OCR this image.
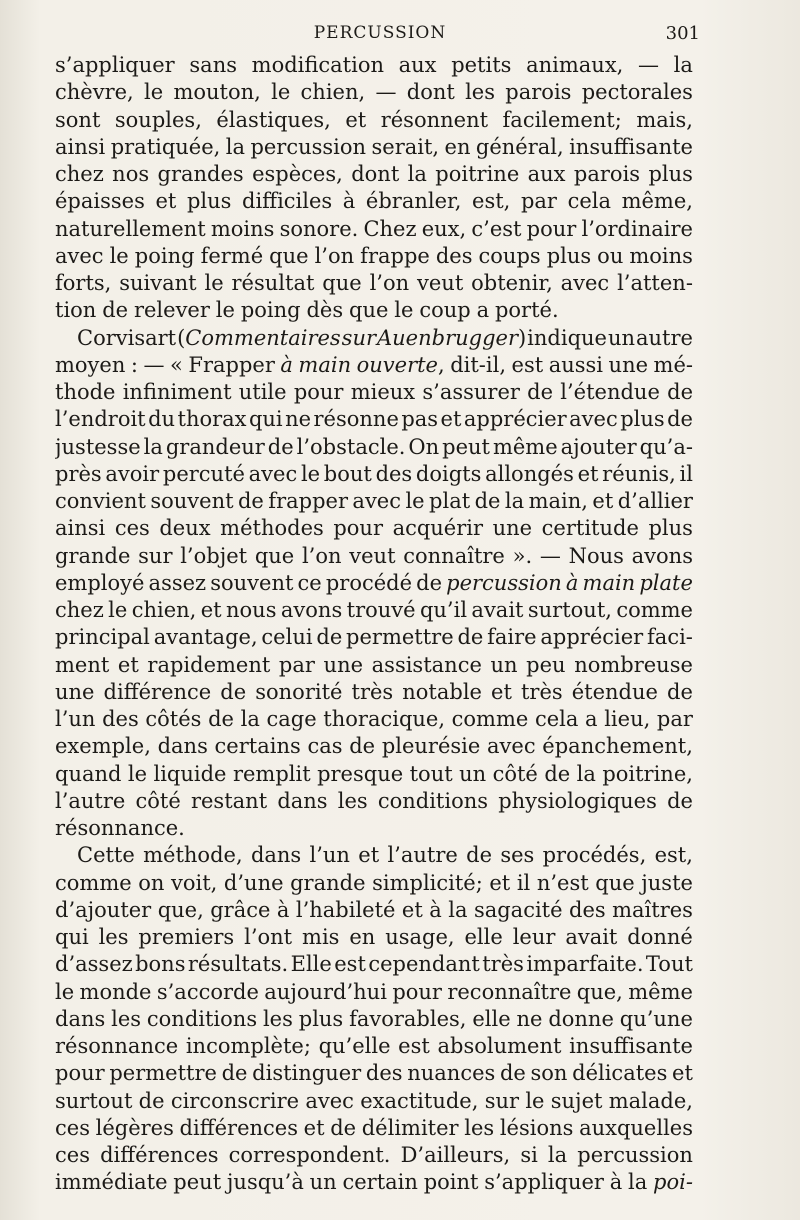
PERCUSSION	301
s’appliquer sans modification aux petits animaux, — la
chèvre, le mouton, le chien, — dont les parois pectorales
sont souples, élastiques, et résonnent facilement; mais,
ainsi pratiquée, la percussion serait, en général, insuffisante
chez nos grandes espèces, dont la poitrine aux parois plus
épaisses et plus difficiles à ébranler, est, par cela même,
naturellement moins sonore. Chez eux, c’est pour l’ordinaire
avec le poing fermé que l’on frappe des coups plus ou moins
forts, suivant le résultat que l’on veut obtenir, avec l’atten-
tion de relever le poing dès que le coup a porté.
Corvisart (Commentaires sur Auenbrugger) indique un autre
moyen : — « Frapper à main ouverte, dit-il, est aussi une mé-
thode infiniment utile pour mieux s’assurer de l’étendue de
l’endroit du thorax qui ne résonne pas et apprécier avec plus de
justesse la grandeur de l’obstacle. On peut même ajouter qu’a-
près avoir percuté avec le bout des doigts allongés et réunis, il
convient souvent de frapper avec le plat de la main, et d’allier
ainsi ces deux méthodes pour acquérir une certitude plus
grande sur l’objet que l’on veut connaître ». — Nous avons
employé assez souvent ce procédé de percussion à main plate
chez le chien, et nous avons trouvé qu’il avait surtout, comme
principal avantage, celui de permettre de faire apprécier faci-
ment et rapidement par une assistance un peu nombreuse
une différence de sonorité très notable et très étendue de
l’un des côtés de la cage thoracique, comme cela a lieu, par
exemple, dans certains cas de pleurésie avec épanchement,
quand le liquide remplit presque tout un côté de la poitrine,
l’autre côté restant dans les conditions physiologiques de
résonnance.
Cette méthode, dans l’un et l’autre de ses procédés, est,
comme on voit, d’une grande simplicité; et il n’est que juste
d’ajouter que, grâce à l’habileté et à la sagacité des maîtres
qui les premiers l’ont mis en usage, elle leur avait donné
d’assez bons résultats. Elle est cependant très imparfaite. Tout
le monde s’accorde aujourd’hui pour reconnaître que, même
dans les conditions les plus favorables, elle ne donne qu’une
résonnance incomplète; qu’elle est absolument insuffisante
pour permettre de distinguer des nuances de son délicates et
surtout de circonscrire avec exactitude, sur le sujet malade,
ces légères différences et de délimiter les lésions auxquelles
ces différences correspondent. D’ailleurs, si la percussion
immédiate peut jusqu’à un certain point s’appliquer à la poi-
